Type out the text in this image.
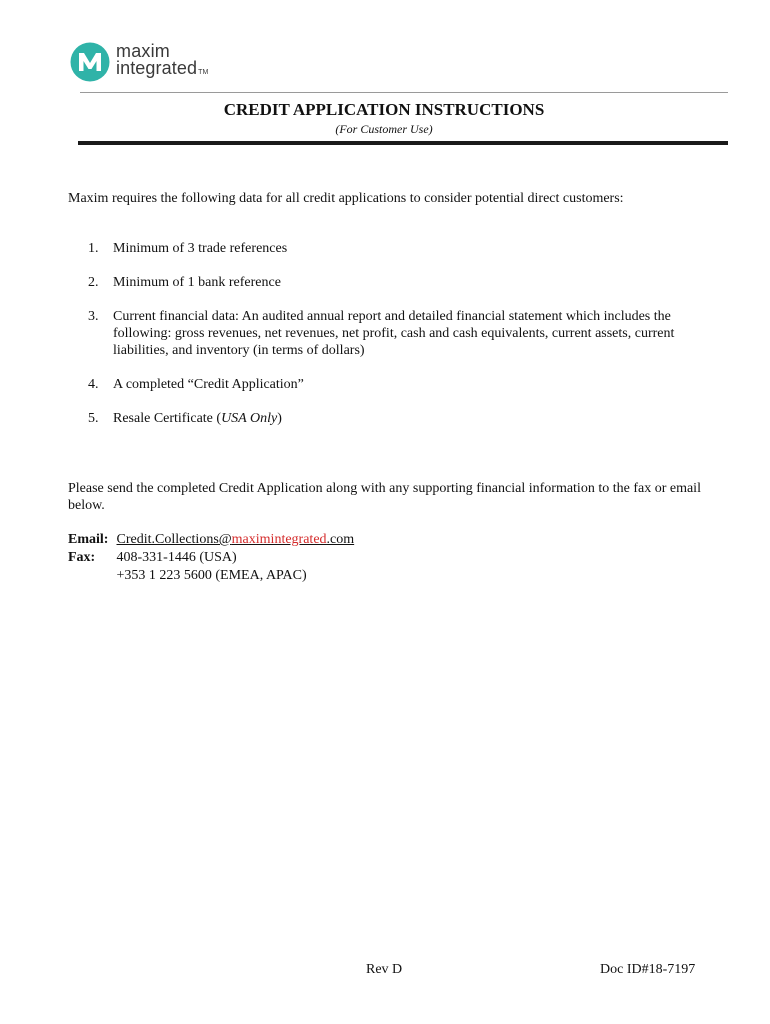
maxim
integratedTM
CREDIT APPLICATION INSTRUCTIONS
(For Customer Use)
Maxim requires the following data for all credit applications to consider potential direct customers:
1. Minimum of 3 trade references
2. Minimum of 1 bank reference
3. Current financial data: An audited annual report and detailed financial statement which includes the following: gross revenues, net revenues, net profit, cash and cash equivalents, current assets, current liabilities, and inventory (in terms of dollars)
4. A completed “Credit Application”
5. Resale Certificate (USA Only)
Please send the completed Credit Application along with any supporting financial information to the fax or email below.
Email: Credit.Collections@maximintegrated.com
Fax: 408-331-1446 (USA)
+353 1 223 5600 (EMEA, APAC)
Rev D	Doc ID#18-7197
